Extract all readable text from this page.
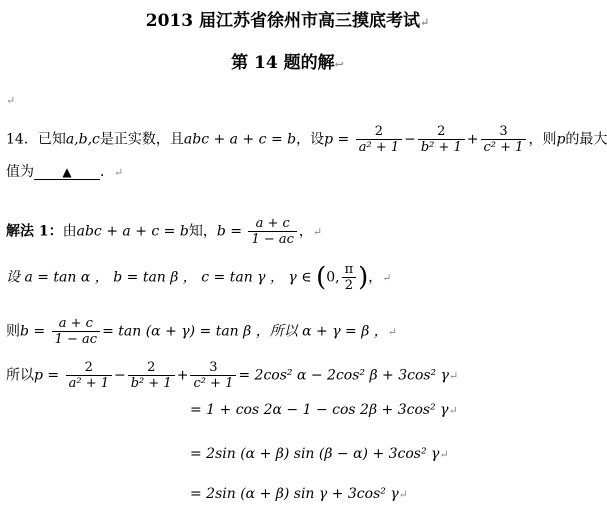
2013 届江苏省徐州市高三摸底考试↵
第 14 题的解↩
↵
14．已知a,b,c是正实数，且abc + a + c = b，设$p = \frac{2}{\text{a² + 1}} - \frac{2}{\text{b² + 1}} + \frac{3}{\text{c² + 1}}$ ，则p的最大
值为 ▲ ．↵
解法 1：由abc + a + c = b知，$b = \frac{a + c}{1 - ac}$ ，↵
设 a = tan α ， b = tan β ， c = tan γ ， γ ∈ (0, $\frac{\pi}{2}$ )，↵
则$b = \frac{a + c}{1 - ac} = \tan (\alpha + \gamma) = \tan \beta$ ，所以 α + γ = β ，↵
所以$p = \frac{2}{\text{a² + 1}} - \frac{2}{\text{b² + 1}} + \frac{3}{\text{c² + 1}} = 2\cos^2$ α − 2cos² β + 3cos² γ↵
= 1 + cos 2α − 1 − cos 2β + 3cos² γ↵
= 2sin (α + β) sin (β − α) + 3cos² γ↵
= 2sin (α + β) sin γ + 3cos² γ↵
